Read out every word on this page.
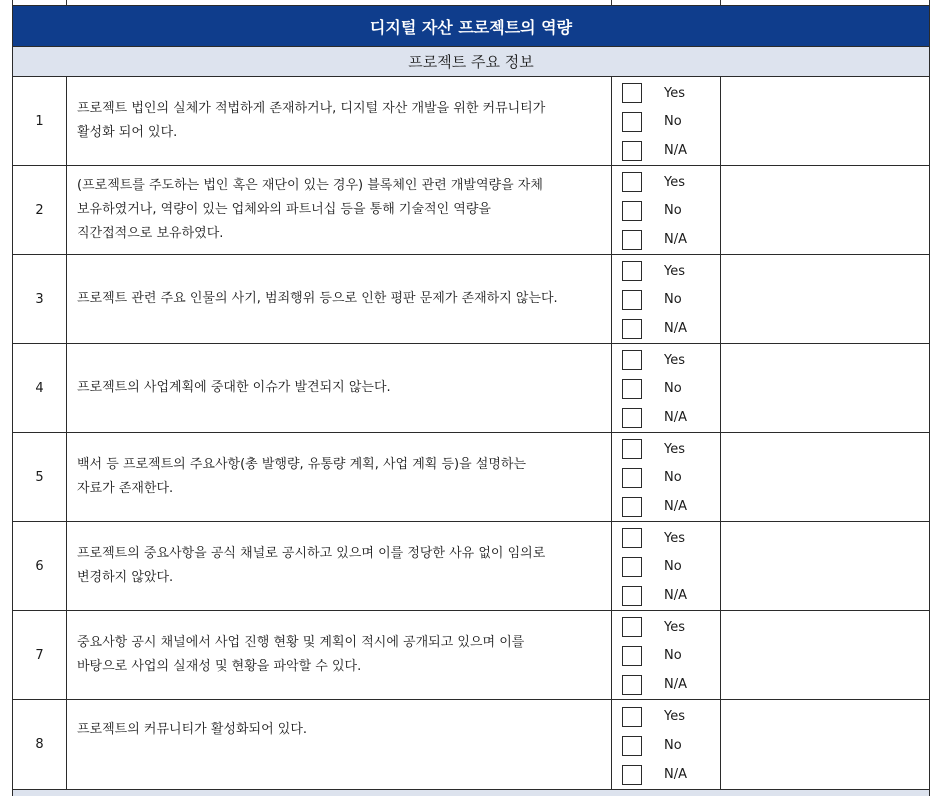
디지털 자산 프로젝트의 역량
프로젝트 주요 정보
1
프로젝트 법인의 실체가 적법하게 존재하거나, 디지털 자산 개발을 위한 커뮤니티가
활성화 되어 있다.
Yes
No
N/A
2
(프로젝트를 주도하는 법인 혹은 재단이 있는 경우) 블록체인 관련 개발역량을 자체
보유하였거나, 역량이 있는 업체와의 파트너십 등을 통해 기술적인 역량을
직간접적으로 보유하였다.
Yes
No
N/A
3	프로젝트 관련 주요 인물의 사기, 범죄행위 등으로 인한 평판 문제가 존재하지 않는다.
Yes
No
N/A
4	프로젝트의 사업계획에 중대한 이슈가 발견되지 않는다.
Yes
No
N/A
5
백서 등 프로젝트의 주요사항(총 발행량, 유통량 계획, 사업 계획 등)을 설명하는
자료가 존재한다.
Yes
No
N/A
6
프로젝트의 중요사항을 공식 채널로 공시하고 있으며 이를 정당한 사유 없이 임의로
변경하지 않았다.
Yes
No
N/A
7
중요사항 공시 채널에서 사업 진행 현황 및 계획이 적시에 공개되고 있으며 이를
바탕으로 사업의 실재성 및 현황을 파악할 수 있다.
Yes
No
N/A
8
프로젝트의 커뮤니티가 활성화되어 있다.
Yes
No
N/A
